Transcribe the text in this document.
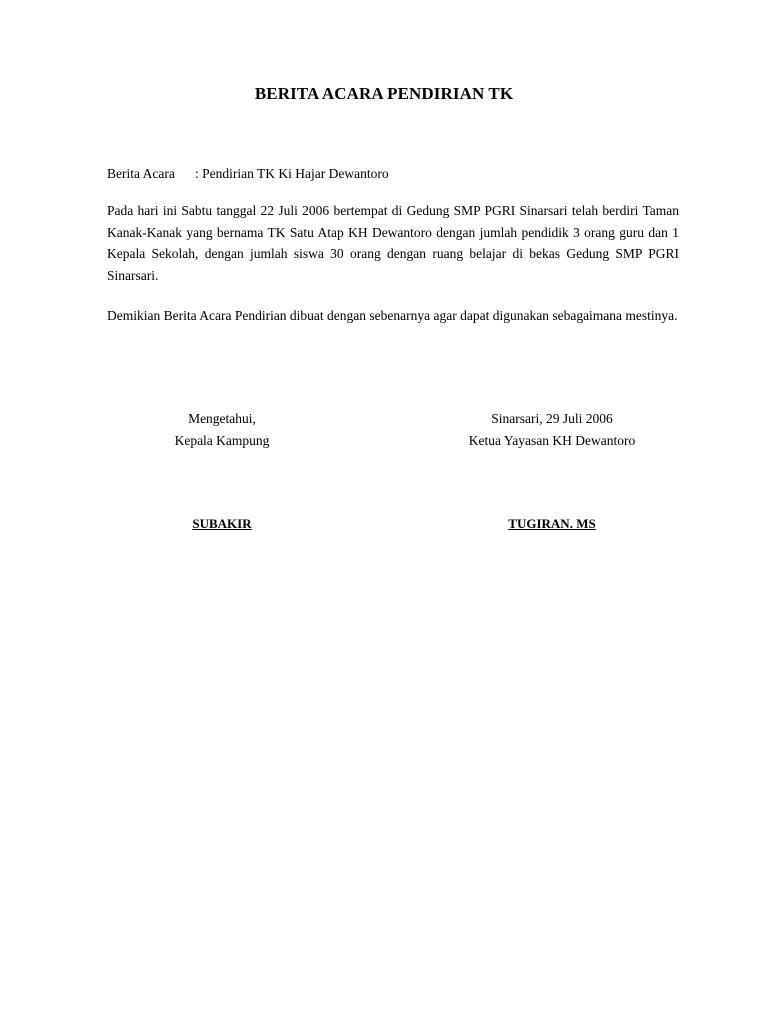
BERITA ACARA PENDIRIAN TK
Berita Acara : Pendirian TK Ki Hajar Dewantoro

Pada hari ini Sabtu tanggal 22 Juli 2006 bertempat di Gedung SMP PGRI Sinarsari telah berdiri Taman Kanak-Kanak yang bernama TK Satu Atap KH Dewantoro dengan jumlah pendidik 3 orang guru dan 1 Kepala Sekolah, dengan jumlah siswa 30 orang dengan ruang belajar di bekas Gedung SMP PGRI Sinarsari.

Demikian Berita Acara Pendirian dibuat dengan sebenarnya agar dapat digunakan sebagaimana mestinya.

Mengetahui,
Kepala Kampung
Sinarsari, 29 Juli 2006
Ketua Yayasan KH Dewantoro
SUBAKIR	TUGIRAN. MS
